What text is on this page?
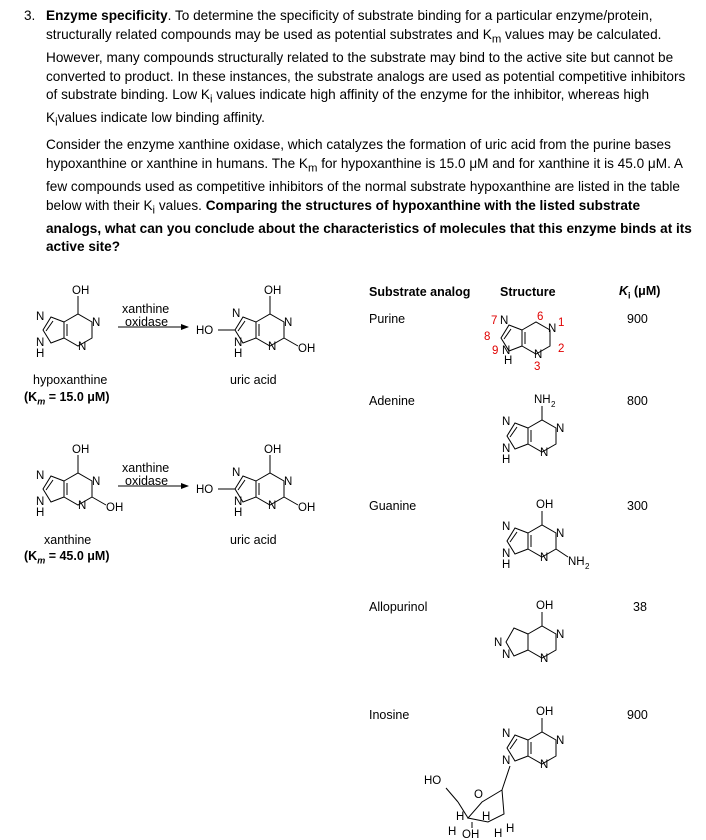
3. Enzyme specificity. To determine the specificity of substrate binding for a particular enzyme/protein, structurally related compounds may be used as potential substrates and $K_m$ values may be calculated. However, many compounds structurally related to the substrate may bind to the active site but cannot be converted to product. In these instances, the substrate analogs are used as potential competitive inhibitors of substrate binding. Low $K_i$ values indicate high affinity of the enzyme for the inhibitor, whereas high $K_ivalues$ indicate low binding affinity.
Consider the enzyme xanthine oxidase, which catalyzes the formation of uric acid from the purine bases hypoxanthine or xanthine in humans. The $K_m$ for hypoxanthine is 15.0 μM and for xanthine it is 45.0 μM. A few compounds used as competitive inhibitors of the normal substrate hypoxanthine are listed in the table below with their $K_i$ values. Comparing the structures of hypoxanthine with the listed substrate analogs, what can you conclude about the characteristics of molecules that this enzyme binds at its active site?
Substrate analog Structure	$K_i$ (μM)
Purine	900
Adenine	800
Guanine	300
Allopurinol	38
Inosine	900
hypoxanthine
($K_m = 15.0$ μM)
uric acid
xanthine
oxidase
xanthine
($K_m = 45.0$ μM)
uric acid
xanthine
oxidase
OH
N
N
N
N
H
OH
OH
HO
N
N
N
N
H
OH
OH
N
N
N
N
H
OH
OH
HO
N
N
N
N
H
N
N
N
N
H
6 1
2
3
7
8
9
NH 2
N
N
N
N
H
OH
NH 2
N
N
N
N
H
OH
N
N
N
N
OH
N
N
N
N
O
HO
H H
H OH H H
